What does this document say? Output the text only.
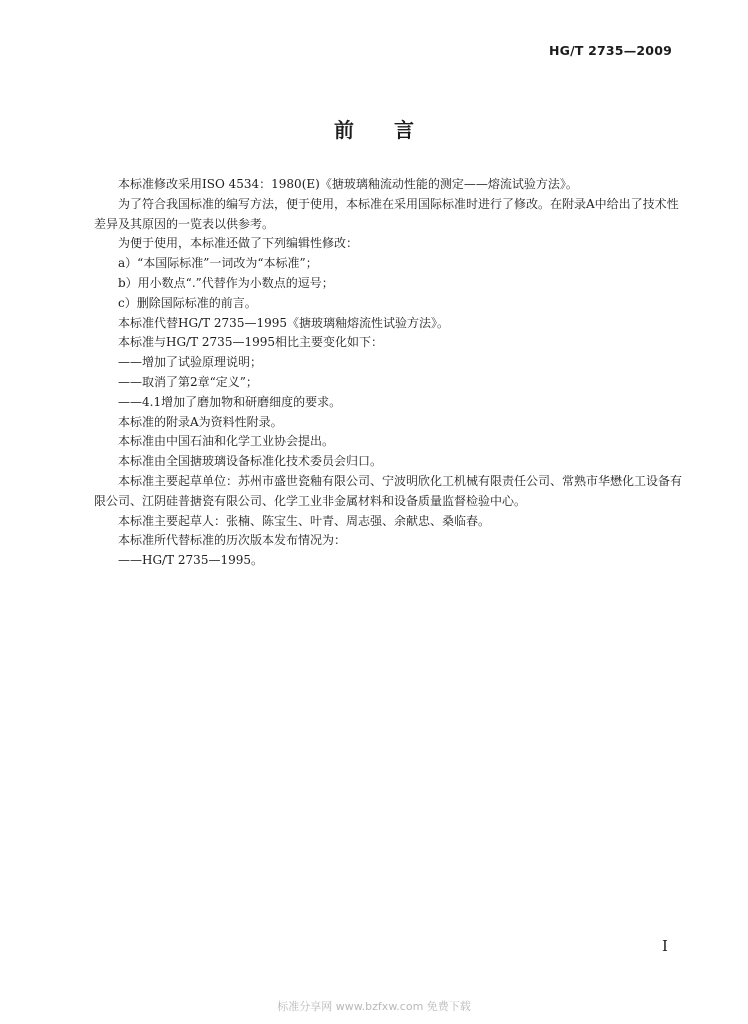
HG/T 2735—2009
前　　言

本标准修改采用ISO 4534：1980(E)《搪玻璃釉流动性能的测定——熔流试验方法》。

为了符合我国标准的编写方法，便于使用，本标准在采用国际标准时进行了修改。在附录A中给出了技术性差异及其原因的一览表以供参考。

为便于使用，本标准还做了下列编辑性修改：

a）“本国际标准”一词改为“本标准”；

b）用小数点“.”代替作为小数点的逗号；

c）删除国际标准的前言。

本标准代替HG/T 2735—1995《搪玻璃釉熔流性试验方法》。

本标准与HG/T 2735—1995相比主要变化如下：

——增加了试验原理说明；

——取消了第2章“定义”；

——4.1增加了磨加物和研磨细度的要求。

本标准的附录A为资料性附录。

本标准由中国石油和化学工业协会提出。

本标准由全国搪玻璃设备标准化技术委员会归口。

本标准主要起草单位：苏州市盛世瓷釉有限公司、宁波明欣化工机械有限责任公司、常熟市华懋化工设备有限公司、江阴硅普搪瓷有限公司、化学工业非金属材料和设备质量监督检验中心。

本标准主要起草人：张楠、陈宝生、叶青、周志强、余献忠、桑临春。

本标准所代替标准的历次版本发布情况为：

——HG/T 2735—1995。

I
标准分享网 www.bzfxw.com 免费下载
